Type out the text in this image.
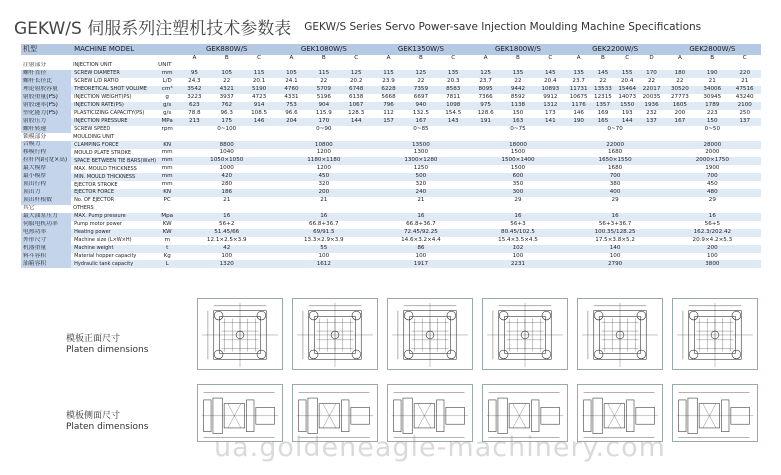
GEKW/S 伺服系列注塑机技术参数表 GEKW/S Series Servo Power-save Injection Moulding Machine Specifications
机型	MACHINE MODEL		GEK880W/S			GEK1080W/S			GEK1350W/S			GEK1800W/S			GEK2200W/S				GEK2800W/S		
			A	B	C	A	B	C	A	B	C	A	B	C	A	B	C	D	A	B	C
注射部分	INJECTION UNIT	UNIT																			
螺杆直径	SCREW DIAMETER	mm	95	105	115	105	115	125	115	125	135	125	135	145	135	145	155	170	180	190	220
螺杆长径比	SCREW L/D RATIO	L/D	24.3	22	20.1	24.1	22	20.2	23.9	22	20.3	23.7	22	20.4	23.7	22	20.4	22	22	21	21
理论射胶容量	THEORETICAL SHOT VOLUME	cm³	3542	4321	5190	4760	5709	6748	6228	7359	8583	8095	9442	10893	11731	13533	15464	22017	30520	34006	47516
射胶重量(PS)	INJECTION WEIGHT(PS)	g	3223	3937	4723	4331	5196	6138	5668	6697	7811	7366	8592	9912	10675	12315	14073	20035	27773	30945	43240
射胶速率(PS)	INJECTION RATE(PS)	g/s	623	762	914	753	904	1067	796	940	1098	975	1138	1312	1176	1357	1550	1936	1605	1789	2100
塑化能力(PS)	PLASTICIZING CAPACITY(PS)	g/s	78.8	96.3	108.5	96.6	115.9	128.3	112	132.5	154.5	128.6	150	173	146	169	193	232	200	223	250
射胶压力	INJECTION PRESSURE	MPa	213	175	146	204	170	144	157	167	143	191	163	141	190	165	144	137	167	150	137
螺杆转速	SCREW SPEED	rpm	0~100			0~90			0~85			0~75			0~70				0~50		
锁模部分	MOULDING UNIT																				
合模力	CLAMPING FORCE	KN	8800			10800			13500			18000			22000				28000		
移模行程	MOULD PLATE STROKE	mm	1040			1200			1300			1500			1680				2000		
拉杆内距(宽×高)	SPACE BETWEEN TIE BARS(WxH)	mm	1050×1050			1180×1180			1300×1280			1500×1400			1650×1550				2000×1750		
最大模厚	MAX. MOULD THICKNESS	mm	1000			1200			1250			1500			1680				1900		
最小模厚	MIN. MOULD THICKNESS	mm	420			450			500			600			700				700		
顶出行程	EJECTOR STROKE	mm	280			320			320			350			380				450		
顶出力	EJECTOR FORCE	KN	186			200			240			300			400				480		
顶出杆根数	No. OF EJECTOR	PC	21			21			21			29			29				29		
其它	OTHERS																				
最大油泵压力	MAX. Pump pressure	Mpa	16			16			16			16			16				16		
伺服电机功率	Pump motor power	KW	56+2			66.8+36.7			66.8+36.7			56+3			56+3+36.7				56+5		
电热功率	Heating power	KW	51.45/66			69/91.5			72.45/92.25			80.45/102.5			100.35/128.25				162.3/202.42		
外形尺寸	Machine size (L×W×H)	m	12.1×2.5×3.9			13.3×2.9×3.9			14.6×3.2×4.4			15.4×3.5×4.5			17.5×3.8×5.2				20.9×4.2×5.3		
机器重量	Machine weight	t	42			55			86			102			140				200		
料斗容积	Material hopper capacity	Kg	100			100			100			100			100				100		
油箱容积	Hydraulic tank capacity	L	1320			1612			1917			2231			2790				3800		
模板正面尺寸
Platen dimensions
模板侧面尺寸
Platen dimensions
ua.goldeneagle-machinery.com
